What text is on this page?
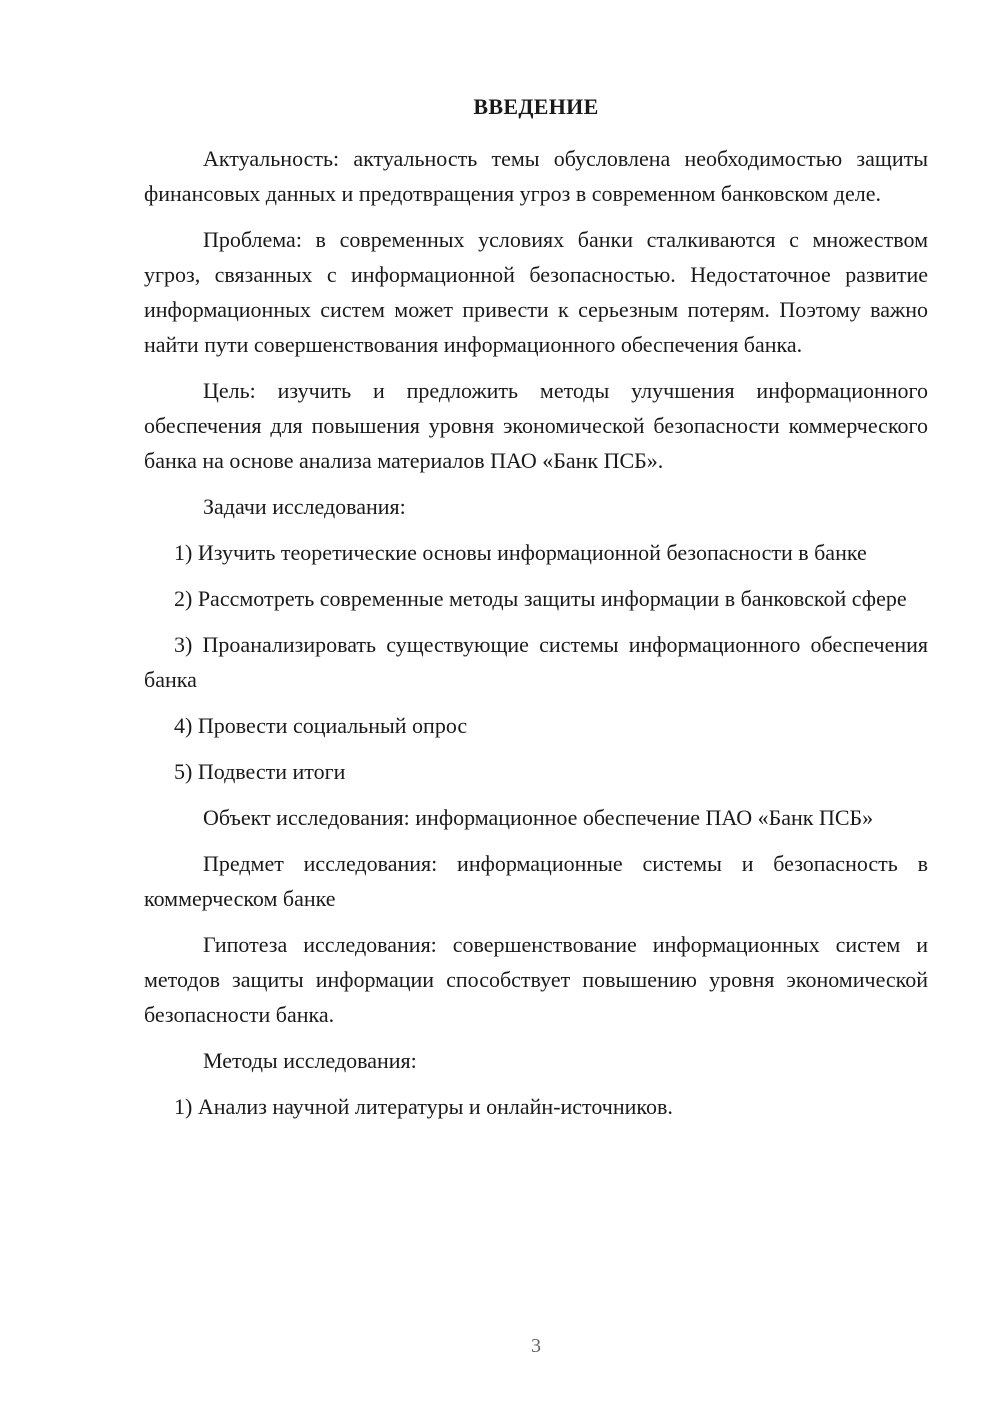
ВВЕДЕНИЕ

Актуальность: актуальность темы обусловлена необходимостью защиты финансовых данных и предотвращения угроз в современном банковском деле.

Проблема: в современных условиях банки сталкиваются с множеством угроз, связанных с информационной безопасностью. Недостаточное развитие информационных систем может привести к серьезным потерям. Поэтому важно найти пути совершенствования информационного обеспечения банка.

Цель: изучить и предложить методы улучшения информационного обеспечения для повышения уровня экономической безопасности коммерческого банка на основе анализа материалов ПАО «Банк ПСБ».

Задачи исследования:

1) Изучить теоретические основы информационной безопасности в банке

2) Рассмотреть современные методы защиты информации в банковской сфере

3) Проанализировать существующие системы информационного обеспечения банка

4) Провести социальный опрос

5) Подвести итоги

Объект исследования: информационное обеспечение ПАО «Банк ПСБ»

Предмет исследования: информационные системы и безопасность в коммерческом банке

Гипотеза исследования: совершенствование информационных систем и методов защиты информации способствует повышению уровня экономической безопасности банка.

Методы исследования:

1) Анализ научной литературы и онлайн-источников.

3
